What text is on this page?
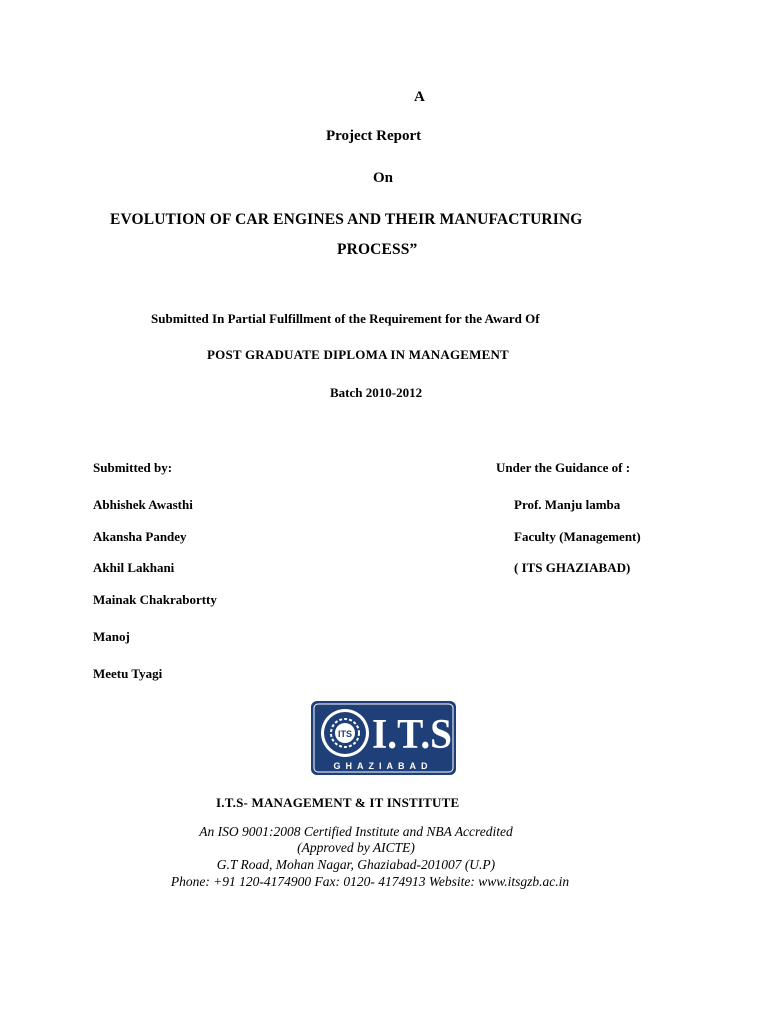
A
Project Report
On
EVOLUTION OF CAR ENGINES AND THEIR MANUFACTURING
PROCESS”
Submitted In Partial Fulfillment of the Requirement for the Award Of
POST GRADUATE DIPLOMA IN MANAGEMENT
Batch 2010-2012
Submitted by:	Under the Guidance of :
Abhishek Awasthi
Akansha Pandey
Akhil Lakhani
Mainak Chakrabortty
Manoj
Meetu Tyagi
Prof. Manju lamba
Faculty (Management)
( ITS GHAZIABAD)
ITS I.T.S
GHAZIABAD
I.T.S- MANAGEMENT & IT INSTITUTE
An ISO 9001:2008 Certified Institute and NBA Accredited
(Approved by AICTE)
G.T Road, Mohan Nagar, Ghaziabad-201007 (U.P)
Phone: +91 120-4174900 Fax: 0120- 4174913 Website: www.itsgzb.ac.in
